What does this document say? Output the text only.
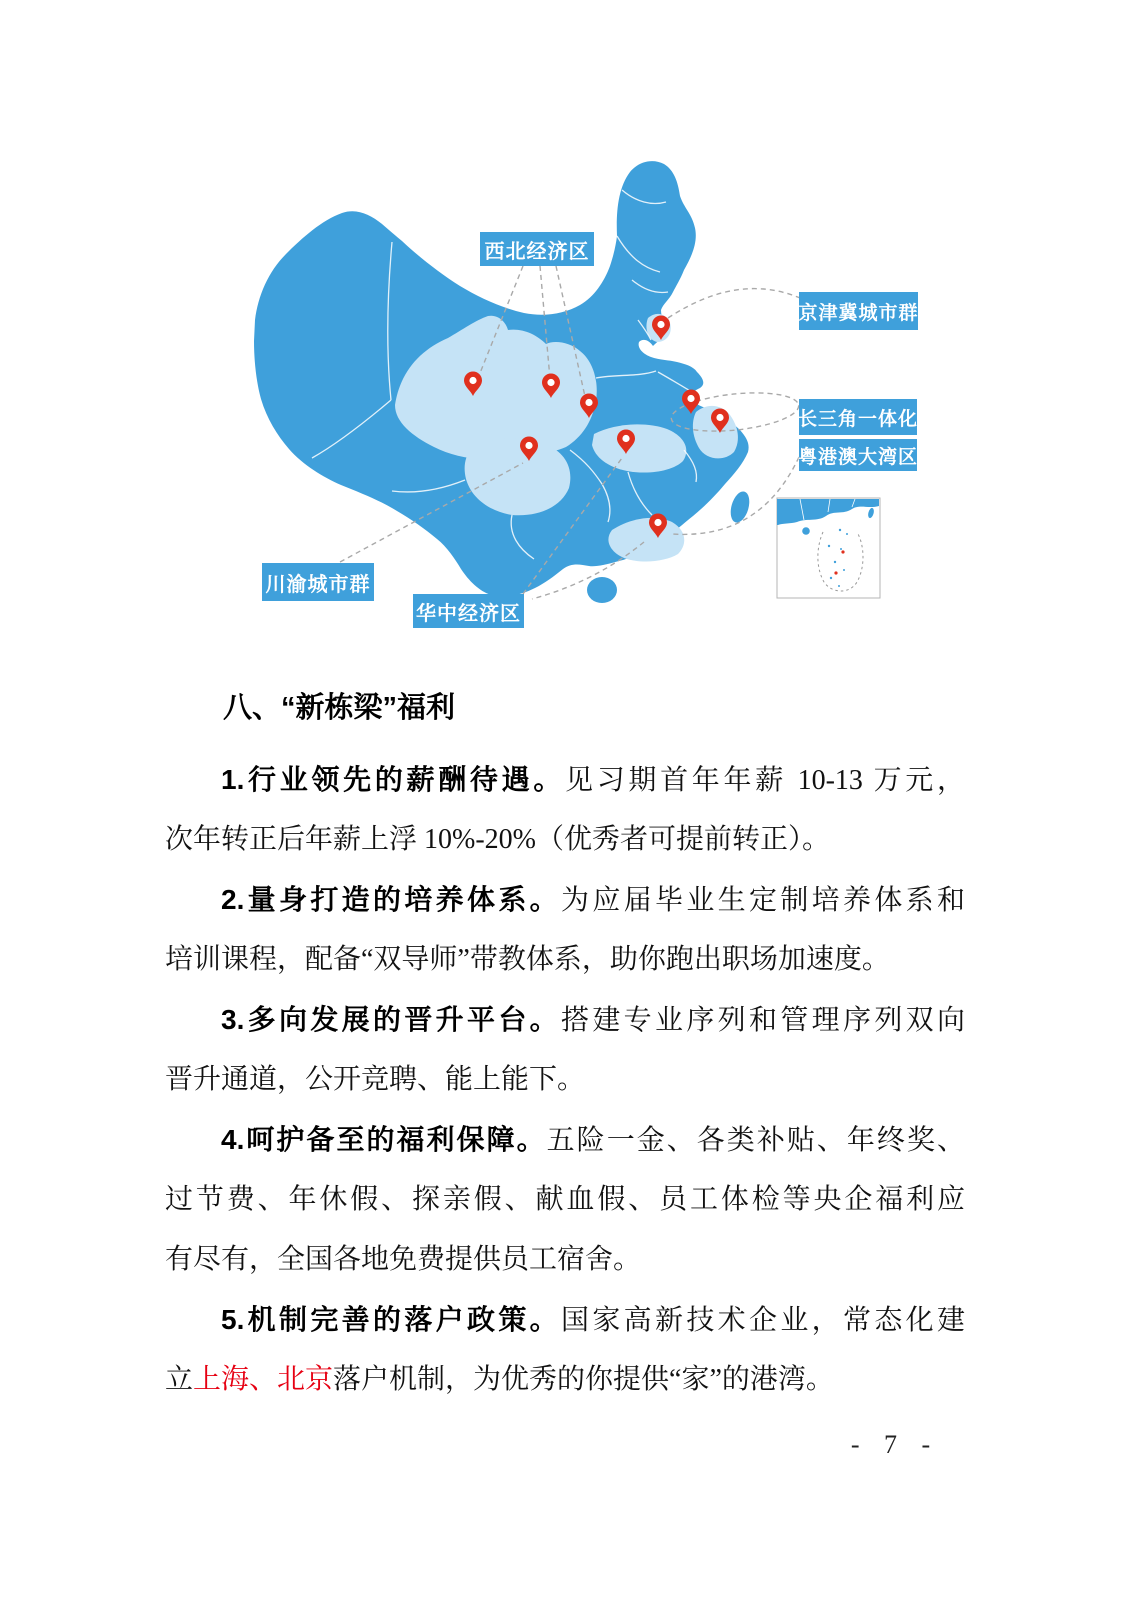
西北经济区
京津冀城市群
长三角一体化
粤港澳大湾区
川渝城市群
华中经济区
八、“新栋梁”福利
1.行业领先的薪酬待遇。见习期首年年薪 10-13 万元，
次年转正后年薪上浮 10%-20%（优秀者可提前转正）。
2.量身打造的培养体系。为应届毕业生定制培养体系和
培训课程，配备“双导师”带教体系，助你跑出职场加速度。
3.多向发展的晋升平台。搭建专业序列和管理序列双向
晋升通道，公开竞聘、能上能下。
4.呵护备至的福利保障。五险一金、各类补贴、年终奖、
过节费、年休假、探亲假、献血假、员工体检等央企福利应
有尽有，全国各地免费提供员工宿舍。
5.机制完善的落户政策。国家高新技术企业，常态化建
立上海、北京落户机制，为优秀的你提供“家”的港湾。
- 7 -
